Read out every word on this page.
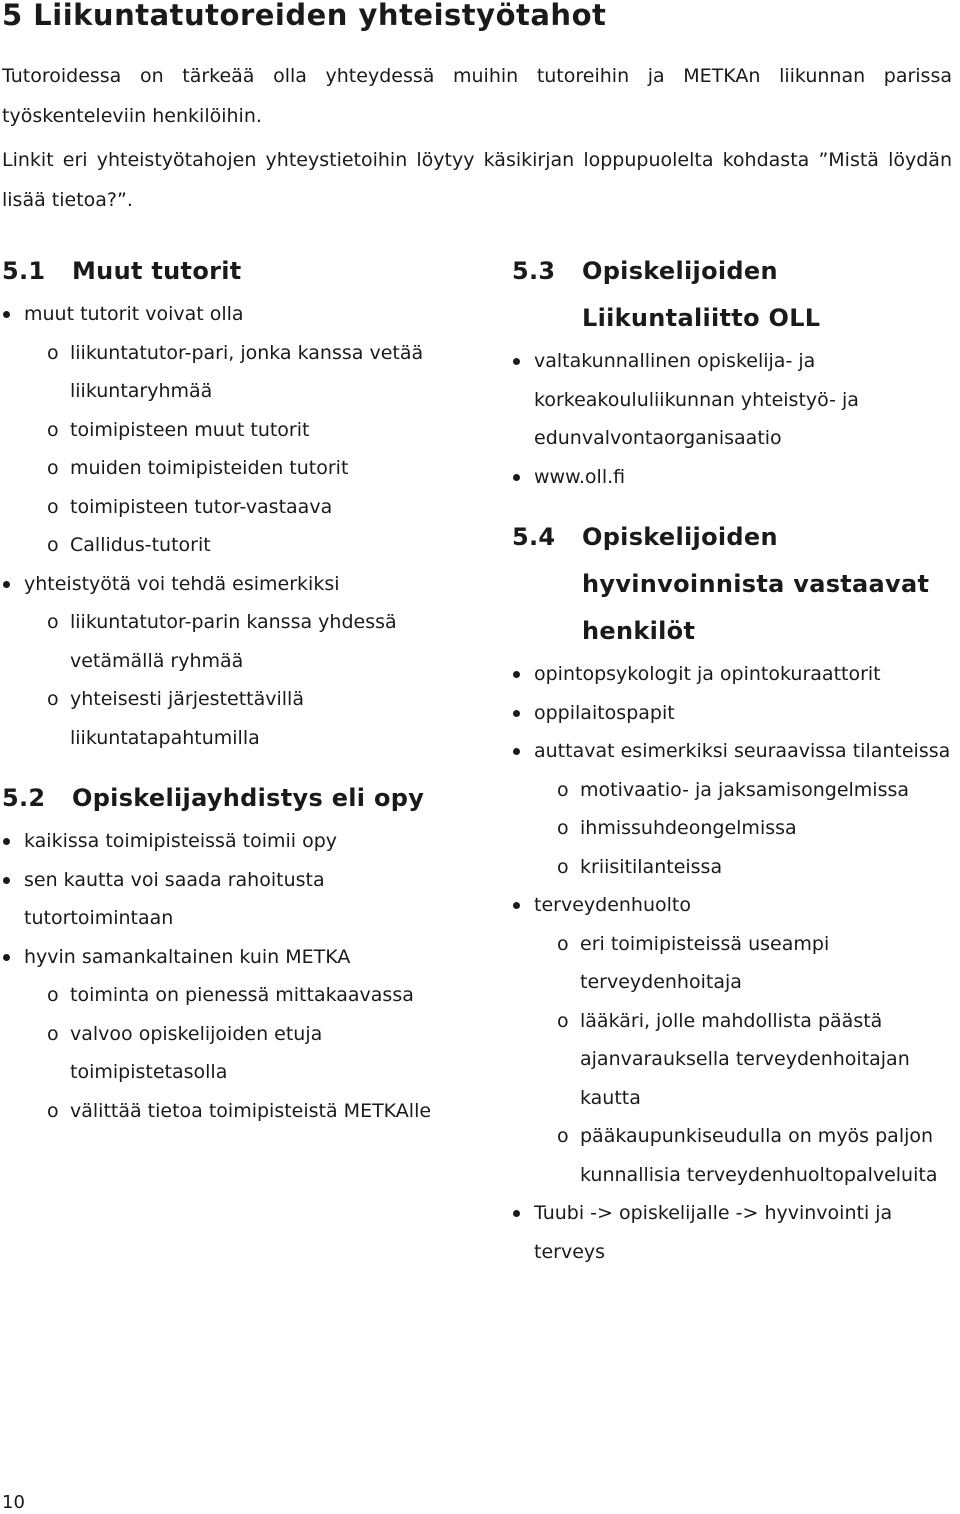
5 Liikuntatutoreiden yhteistyötahot

Tutoroidessa on tärkeää olla yhteydessä muihin tutoreihin ja METKAn liikunnan parissa työskenteleviin henkilöihin.

Linkit eri yhteistyötahojen yhteystietoihin löytyy käsikirjan loppupuolelta kohdasta ”Mistä löydän lisää tietoa?”.

5.1	Muut tutorit
muut tutorit voivat olla
o liikuntatutor-pari, jonka kanssa vetää liikuntaryhmää
o toimipisteen muut tutorit
o muiden toimipisteiden tutorit
o toimipisteen tutor-vastaava
o Callidus-tutorit
yhteistyötä voi tehdä esimerkiksi
o liikuntatutor-parin kanssa yhdessä vetämällä ryhmää
o yhteisesti järjestettävillä liikuntatapahtumilla
5.2	Opiskelijayhdistys eli opy
kaikissa toimipisteissä toimii opy
sen kautta voi saada rahoitusta tutortoimintaan
hyvin samankaltainen kuin METKA
o toiminta on pienessä mittakaavassa
o valvoo opiskelijoiden etuja toimipistetasolla
o välittää tietoa toimipisteistä METKAlle
5.3	Opiskelijoiden Liikuntaliitto OLL
valtakunnallinen opiskelija- ja korkeakoululiikunnan yhteistyö- ja edunvalvontaorganisaatio
www.oll.fi
5.4	Opiskelijoiden hyvinvoinnista vastaavat henkilöt
opintopsykologit ja opintokuraattorit
oppilaitospapit
auttavat esimerkiksi seuraavissa tilanteissa
o motivaatio- ja jaksamisongelmissa
o ihmissuhdeongelmissa
o kriisitilanteissa
terveydenhuolto
o eri toimipisteissä useampi terveydenhoitaja
o lääkäri, jolle mahdollista päästä ajanvarauksella terveydenhoitajan kautta
o pääkaupunkiseudulla on myös paljon kunnallisia terveydenhuoltopalveluita
Tuubi -> opiskelijalle -> hyvinvointi ja terveys
10
